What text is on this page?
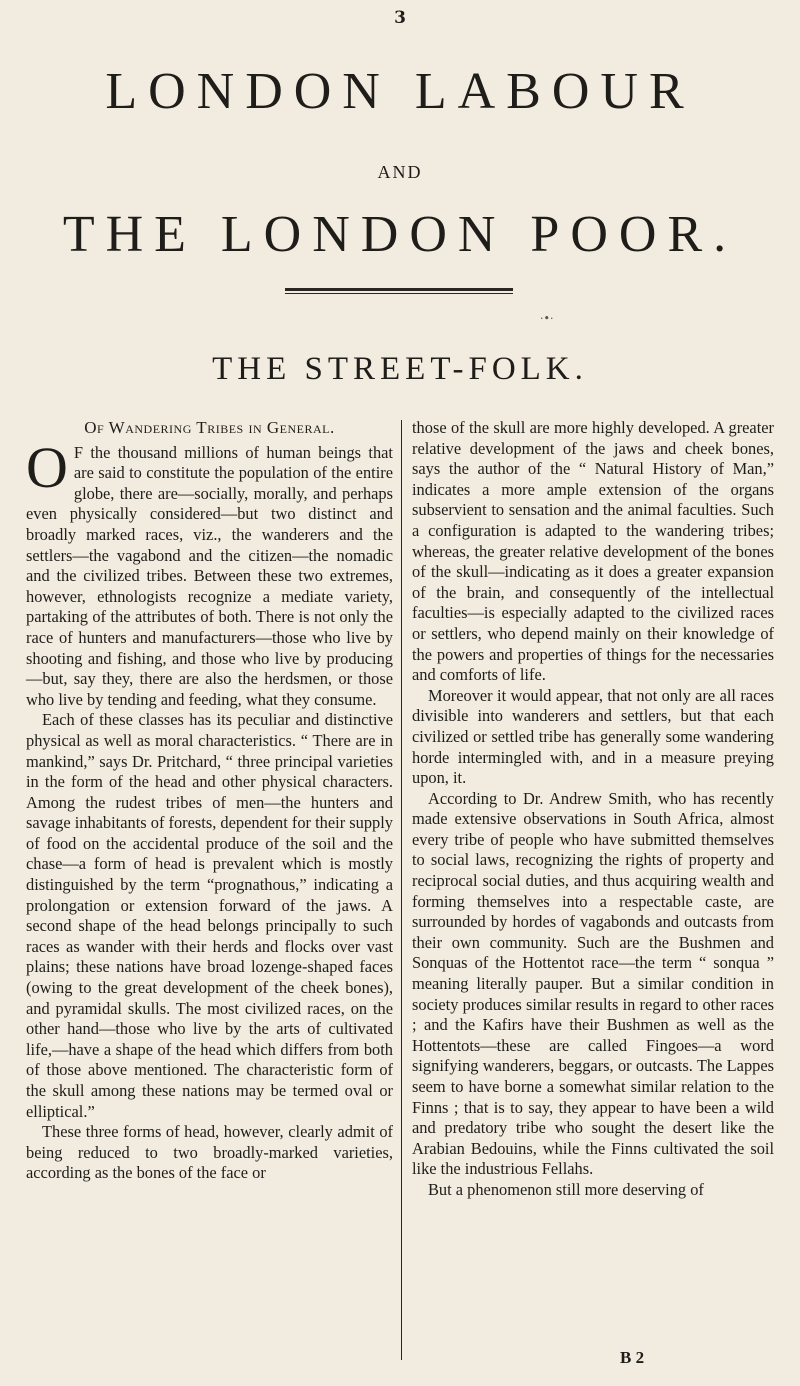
3
LONDON LABOUR
AND
THE LONDON POOR.
·•·
THE STREET-FOLK.
Of Wandering Tribes in General.

O F the thousand millions of human beings that are said to constitute the population of the entire globe, there are—socially, morally, and perhaps even physically considered—but two distinct and broadly marked races, viz., the wanderers and the settlers—the vagabond and the citizen—the nomadic and the civilized tribes. Between these two extremes, however, ethnologists recognize a mediate variety, partaking of the attributes of both. There is not only the race of hunters and manufacturers—those who live by shooting and fishing, and those who live by producing—but, say they, there are also the herdsmen, or those who live by tending and feeding, what they consume.

Each of these classes has its peculiar and distinctive physical as well as moral characteristics. “ There are in mankind,” says Dr. Pritchard, “ three principal varieties in the form of the head and other physical characters. Among the rudest tribes of men—the hunters and savage inhabitants of forests, dependent for their supply of food on the accidental produce of the soil and the chase—a form of head is prevalent which is mostly distinguished by the term “prognathous,” indicating a prolongation or extension forward of the jaws. A second shape of the head belongs principally to such races as wander with their herds and flocks over vast plains; these nations have broad lozenge-shaped faces (owing to the great development of the cheek bones), and pyramidal skulls. The most civilized races, on the other hand—those who live by the arts of cultivated life,—have a shape of the head which differs from both of those above mentioned. The characteristic form of the skull among these nations may be termed oval or elliptical.”

These three forms of head, however, clearly admit of being reduced to two broadly-marked varieties, according as the bones of the face or

those of the skull are more highly developed. A greater relative development of the jaws and cheek bones, says the author of the “ Natural History of Man,” indicates a more ample extension of the organs subservient to sensation and the animal faculties. Such a configuration is adapted to the wandering tribes; whereas, the greater relative development of the bones of the skull—indicating as it does a greater expansion of the brain, and consequently of the intellectual faculties—is especially adapted to the civilized races or settlers, who depend mainly on their knowledge of the powers and properties of things for the necessaries and comforts of life.

Moreover it would appear, that not only are all races divisible into wanderers and settlers, but that each civilized or settled tribe has generally some wandering horde intermingled with, and in a measure preying upon, it.

According to Dr. Andrew Smith, who has recently made extensive observations in South Africa, almost every tribe of people who have submitted themselves to social laws, recognizing the rights of property and reciprocal social duties, and thus acquiring wealth and forming themselves into a respectable caste, are surrounded by hordes of vagabonds and outcasts from their own community. Such are the Bushmen and Sonquas of the Hottentot race—the term “ sonqua ” meaning literally pauper. But a similar condition in society produces similar results in regard to other races ; and the Kafirs have their Bushmen as well as the Hottentots—these are called Fingoes—a word signifying wanderers, beggars, or outcasts. The Lappes seem to have borne a somewhat similar relation to the Finns ; that is to say, they appear to have been a wild and predatory tribe who sought the desert like the Arabian Bedouins, while the Finns cultivated the soil like the industrious Fellahs.

But a phenomenon still more deserving of

B 2
